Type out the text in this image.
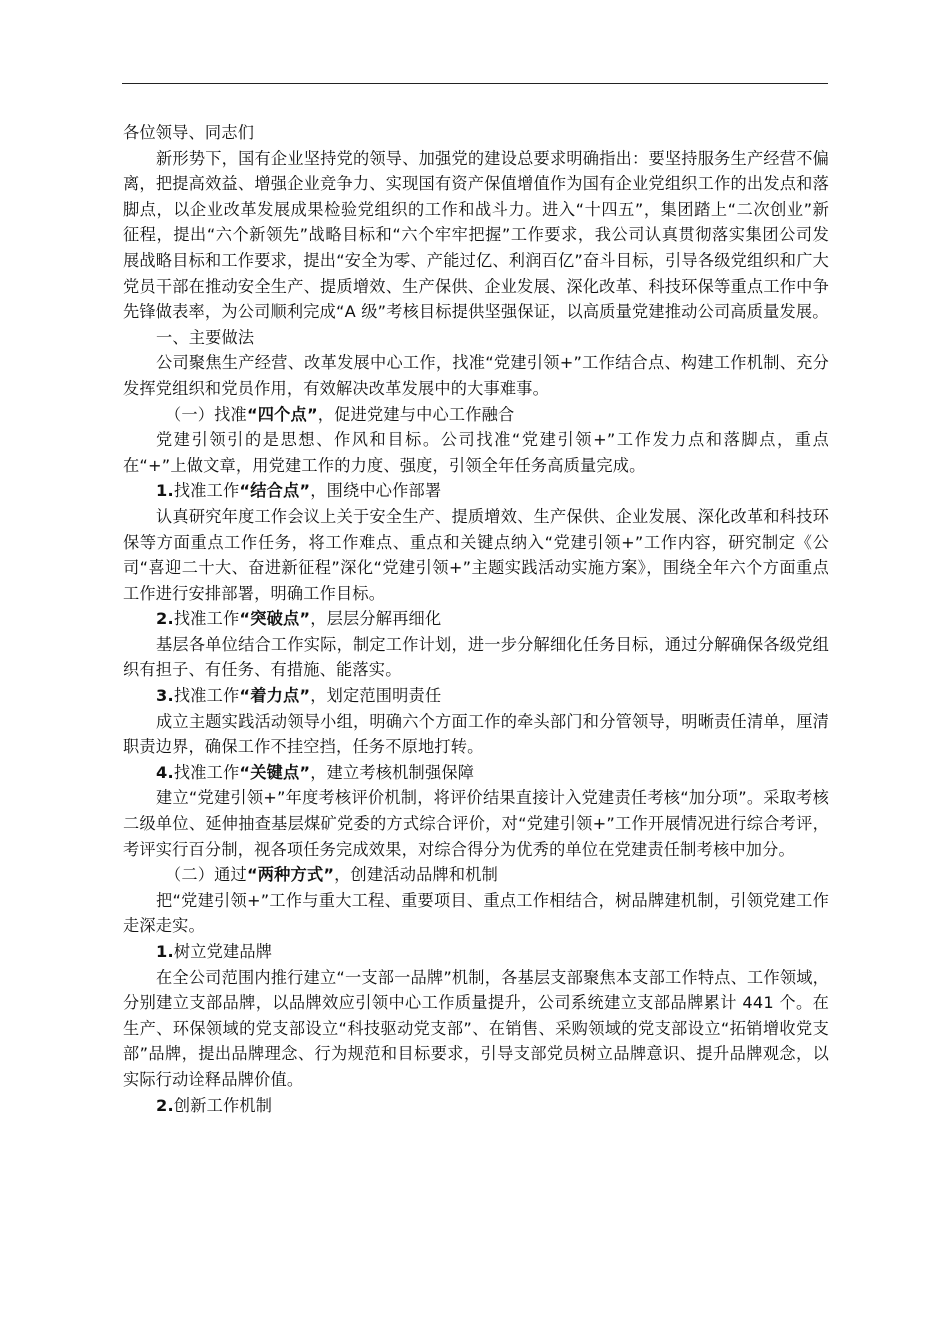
各位领导、同志们

新形势下，国有企业坚持党的领导、加强党的建设总要求明确指出：要坚持服务生产经营不偏离，把提高效益、增强企业竞争力、实现国有资产保值增值作为国有企业党组织工作的出发点和落脚点，以企业改革发展成果检验党组织的工作和战斗力。进入“十四五”，集团踏上“二次创业”新征程，提出“六个新领先”战略目标和“六个牢牢把握”工作要求，我公司认真贯彻落实集团公司发展战略目标和工作要求，提出“安全为零、产能过亿、利润百亿”奋斗目标，引导各级党组织和广大党员干部在推动安全生产、提质增效、生产保供、企业发展、深化改革、科技环保等重点工作中争先锋做表率，为公司顺利完成“A 级”考核目标提供坚强保证，以高质量党建推动公司高质量发展。

一、主要做法

公司聚焦生产经营、改革发展中心工作，找准“党建引领+”工作结合点、构建工作机制、充分发挥党组织和党员作用，有效解决改革发展中的大事难事。

（一）找准“四个点”，促进党建与中心工作融合

党建引领引的是思想、作风和目标。公司找准“党建引领+”工作发力点和落脚点，重点在“+”上做文章，用党建工作的力度、强度，引领全年任务高质量完成。

1.找准工作“结合点”，围绕中心作部署

认真研究年度工作会议上关于安全生产、提质增效、生产保供、企业发展、深化改革和科技环保等方面重点工作任务，将工作难点、重点和关键点纳入“党建引领+”工作内容，研究制定《公司“喜迎二十大、奋进新征程”深化“党建引领+”主题实践活动实施方案》，围绕全年六个方面重点工作进行安排部署，明确工作目标。

2.找准工作“突破点”，层层分解再细化

基层各单位结合工作实际，制定工作计划，进一步分解细化任务目标，通过分解确保各级党组织有担子、有任务、有措施、能落实。

3.找准工作“着力点”，划定范围明责任

成立主题实践活动领导小组，明确六个方面工作的牵头部门和分管领导，明晰责任清单，厘清职责边界，确保工作不挂空挡，任务不原地打转。

4.找准工作“关键点”，建立考核机制强保障

建立“党建引领+”年度考核评价机制，将评价结果直接计入党建责任考核“加分项”。采取考核二级单位、延伸抽查基层煤矿党委的方式综合评价，对“党建引领+”工作开展情况进行综合考评，考评实行百分制，视各项任务完成效果，对综合得分为优秀的单位在党建责任制考核中加分。

（二）通过“两种方式”，创建活动品牌和机制

把“党建引领+”工作与重大工程、重要项目、重点工作相结合，树品牌建机制，引领党建工作走深走实。

1.树立党建品牌

在全公司范围内推行建立“一支部一品牌”机制，各基层支部聚焦本支部工作特点、工作领域，分别建立支部品牌，以品牌效应引领中心工作质量提升，公司系统建立支部品牌累计 441 个。在生产、环保领域的党支部设立“科技驱动党支部”、在销售、采购领域的党支部设立“拓销增收党支部”品牌，提出品牌理念、行为规范和目标要求，引导支部党员树立品牌意识、提升品牌观念，以实际行动诠释品牌价值。

2.创新工作机制
